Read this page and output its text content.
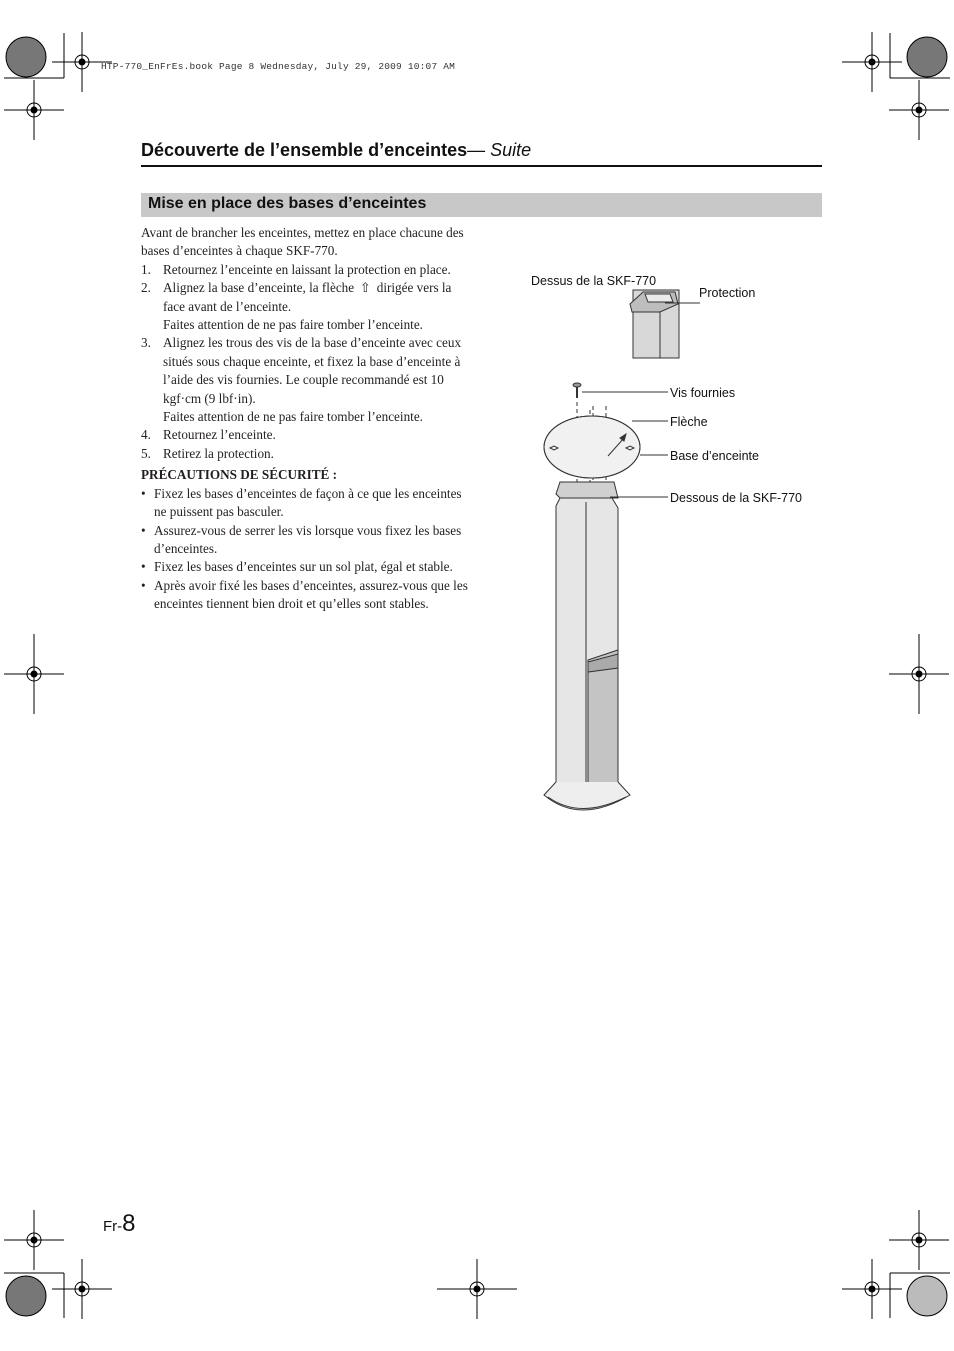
HTP-770_EnFrEs.book Page 8 Wednesday, July 29, 2009 10:07 AM
Découverte de l’ensemble d’enceintes— Suite
Mise en place des bases d’enceintes

Avant de brancher les enceintes, mettez en place chacune des bases d’enceintes à chaque SKF-770.

1. Retournez l’enceinte en laissant la protection en place.
2. Alignez la base d’enceinte, la flèche ⇧ dirigée vers la face avant de l’enceinte.
Faites attention de ne pas faire tomber l’enceinte.
3. Alignez les trous des vis de la base d’enceinte avec ceux situés sous chaque enceinte, et fixez la base d’enceinte à l’aide des vis fournies. Le couple recommandé est 10 kgf·cm (9 lbf·in).
Faites attention de ne pas faire tomber l’enceinte.
4. Retournez l’enceinte.
5. Retirez la protection.

PRÉCAUTIONS DE SÉCURITÉ :

• Fixez les bases d’enceintes de façon à ce que les enceintes ne puissent pas basculer.
• Assurez-vous de serrer les vis lorsque vous fixez les bases d’enceintes.
• Fixez les bases d’enceintes sur un sol plat, égal et stable.
• Après avoir fixé les bases d’enceintes, assurez-vous que les enceintes tiennent bien droit et qu’elles sont stables.
Dessus de la SKF-770
Protection
Vis fournies
Flèche
Base d’enceinte
Dessous de la SKF-770
Fr-8
